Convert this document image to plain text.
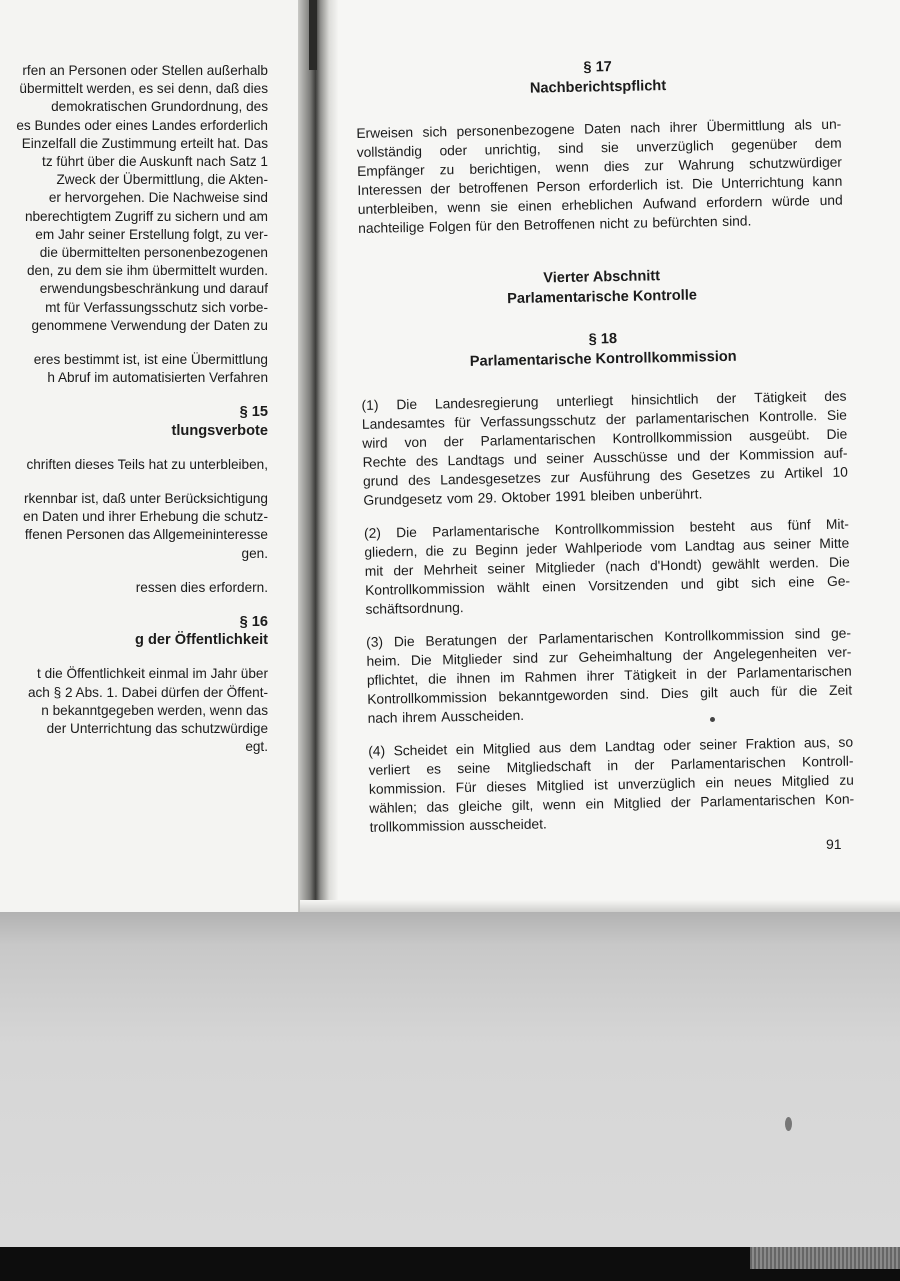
rfen an Personen oder Stellen außerhalb
übermittelt werden, es sei denn, daß dies
demokratischen Grundordnung, des
es Bundes oder eines Landes erforderlich
Einzelfall die Zustimmung erteilt hat. Das
tz führt über die Auskunft nach Satz 1
Zweck der Übermittlung, die Akten-
er hervorgehen. Die Nachweise sind
nberechtigtem Zugriff zu sichern und am
em Jahr seiner Erstellung folgt, zu ver-
die übermittelten personenbezogenen
den, zu dem sie ihm übermittelt wurden.
erwendungsbeschränkung und darauf
mt für Verfassungsschutz sich vorbe-
genommene Verwendung der Daten zu
eres bestimmt ist, ist eine Übermittlung
h Abruf im automatisierten Verfahren
§ 15
tlungsverbote
chriften dieses Teils hat zu unterbleiben,
rkennbar ist, daß unter Berücksichtigung
en Daten und ihrer Erhebung die schutz-
ffenen Personen das Allgemeininteresse
gen.
ressen dies erfordern.
§ 16
g der Öffentlichkeit
t die Öffentlichkeit einmal im Jahr über
ach § 2 Abs. 1. Dabei dürfen der Öffent-
n bekanntgegeben werden, wenn das
der Unterrichtung das schutzwürdige
egt.
§ 17
Nachberichtspflicht
Erweisen sich personenbezogene Daten nach ihrer Übermittlung als un-
vollständig oder unrichtig, sind sie unverzüglich gegenüber dem
Empfänger zu berichtigen, wenn dies zur Wahrung schutzwürdiger
Interessen der betroffenen Person erforderlich ist. Die Unterrichtung kann
unterbleiben, wenn sie einen erheblichen Aufwand erfordern würde und
nachteilige Folgen für den Betroffenen nicht zu befürchten sind.
Vierter Abschnitt
Parlamentarische Kontrolle
§ 18
Parlamentarische Kontrollkommission
(1) Die Landesregierung unterliegt hinsichtlich der Tätigkeit des
Landesamtes für Verfassungsschutz der parlamentarischen Kontrolle. Sie
wird von der Parlamentarischen Kontrollkommission ausgeübt. Die
Rechte des Landtags und seiner Ausschüsse und der Kommission auf-
grund des Landesgesetzes zur Ausführung des Gesetzes zu Artikel 10
Grundgesetz vom 29. Oktober 1991 bleiben unberührt.
(2) Die Parlamentarische Kontrollkommission besteht aus fünf Mit-
gliedern, die zu Beginn jeder Wahlperiode vom Landtag aus seiner Mitte
mit der Mehrheit seiner Mitglieder (nach d'Hondt) gewählt werden. Die
Kontrollkommission wählt einen Vorsitzenden und gibt sich eine Ge-
schäftsordnung.
(3) Die Beratungen der Parlamentarischen Kontrollkommission sind ge-
heim. Die Mitglieder sind zur Geheimhaltung der Angelegenheiten ver-
pflichtet, die ihnen im Rahmen ihrer Tätigkeit in der Parlamentarischen
Kontrollkommission bekanntgeworden sind. Dies gilt auch für die Zeit
nach ihrem Ausscheiden.
(4) Scheidet ein Mitglied aus dem Landtag oder seiner Fraktion aus, so
verliert es seine Mitgliedschaft in der Parlamentarischen Kontroll-
kommission. Für dieses Mitglied ist unverzüglich ein neues Mitglied zu
wählen; das gleiche gilt, wenn ein Mitglied der Parlamentarischen Kon-
trollkommission ausscheidet.
91
